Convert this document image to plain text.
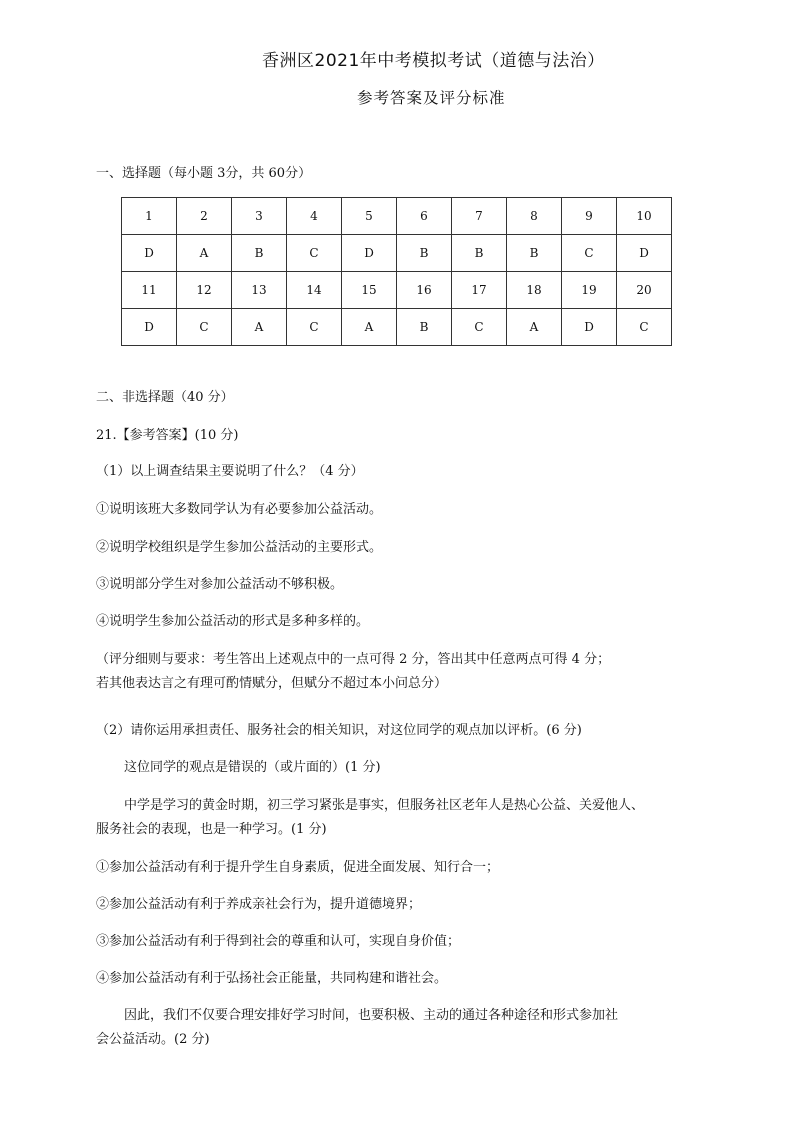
香洲区2021年中考模拟考试（道德与法治）
参考答案及评分标准
一、选择题（每小题 3分，共 60分）
1	2	3	4	5	6	7	8	9	10
D	A	B	C	D	B	B	B	C	D
11	12	13	14	15	16	17	18	19	20
D	C	A	C	A	B	C	A	D	C
二、非选择题（40 分）
21.【参考答案】(10 分)
（1）以上调查结果主要说明了什么？（4 分）
①说明该班大多数同学认为有必要参加公益活动。
②说明学校组织是学生参加公益活动的主要形式。
③说明部分学生对参加公益活动不够积极。
④说明学生参加公益活动的形式是多种多样的。
（评分细则与要求：考生答出上述观点中的一点可得 2 分，答出其中任意两点可得 4 分；
若其他表达言之有理可酌情赋分，但赋分不超过本小问总分）
（2）请你运用承担责任、服务社会的相关知识，对这位同学的观点加以评析。(6 分)
这位同学的观点是错误的（或片面的）(1 分)
中学是学习的黄金时期，初三学习紧张是事实，但服务社区老年人是热心公益、关爱他人、
服务社会的表现，也是一种学习。(1 分)
①参加公益活动有利于提升学生自身素质，促进全面发展、知行合一；
②参加公益活动有利于养成亲社会行为，提升道德境界；
③参加公益活动有利于得到社会的尊重和认可，实现自身价值；
④参加公益活动有利于弘扬社会正能量，共同构建和谐社会。
因此，我们不仅要合理安排好学习时间，也要积极、主动的通过各种途径和形式参加社
会公益活动。(2 分)
